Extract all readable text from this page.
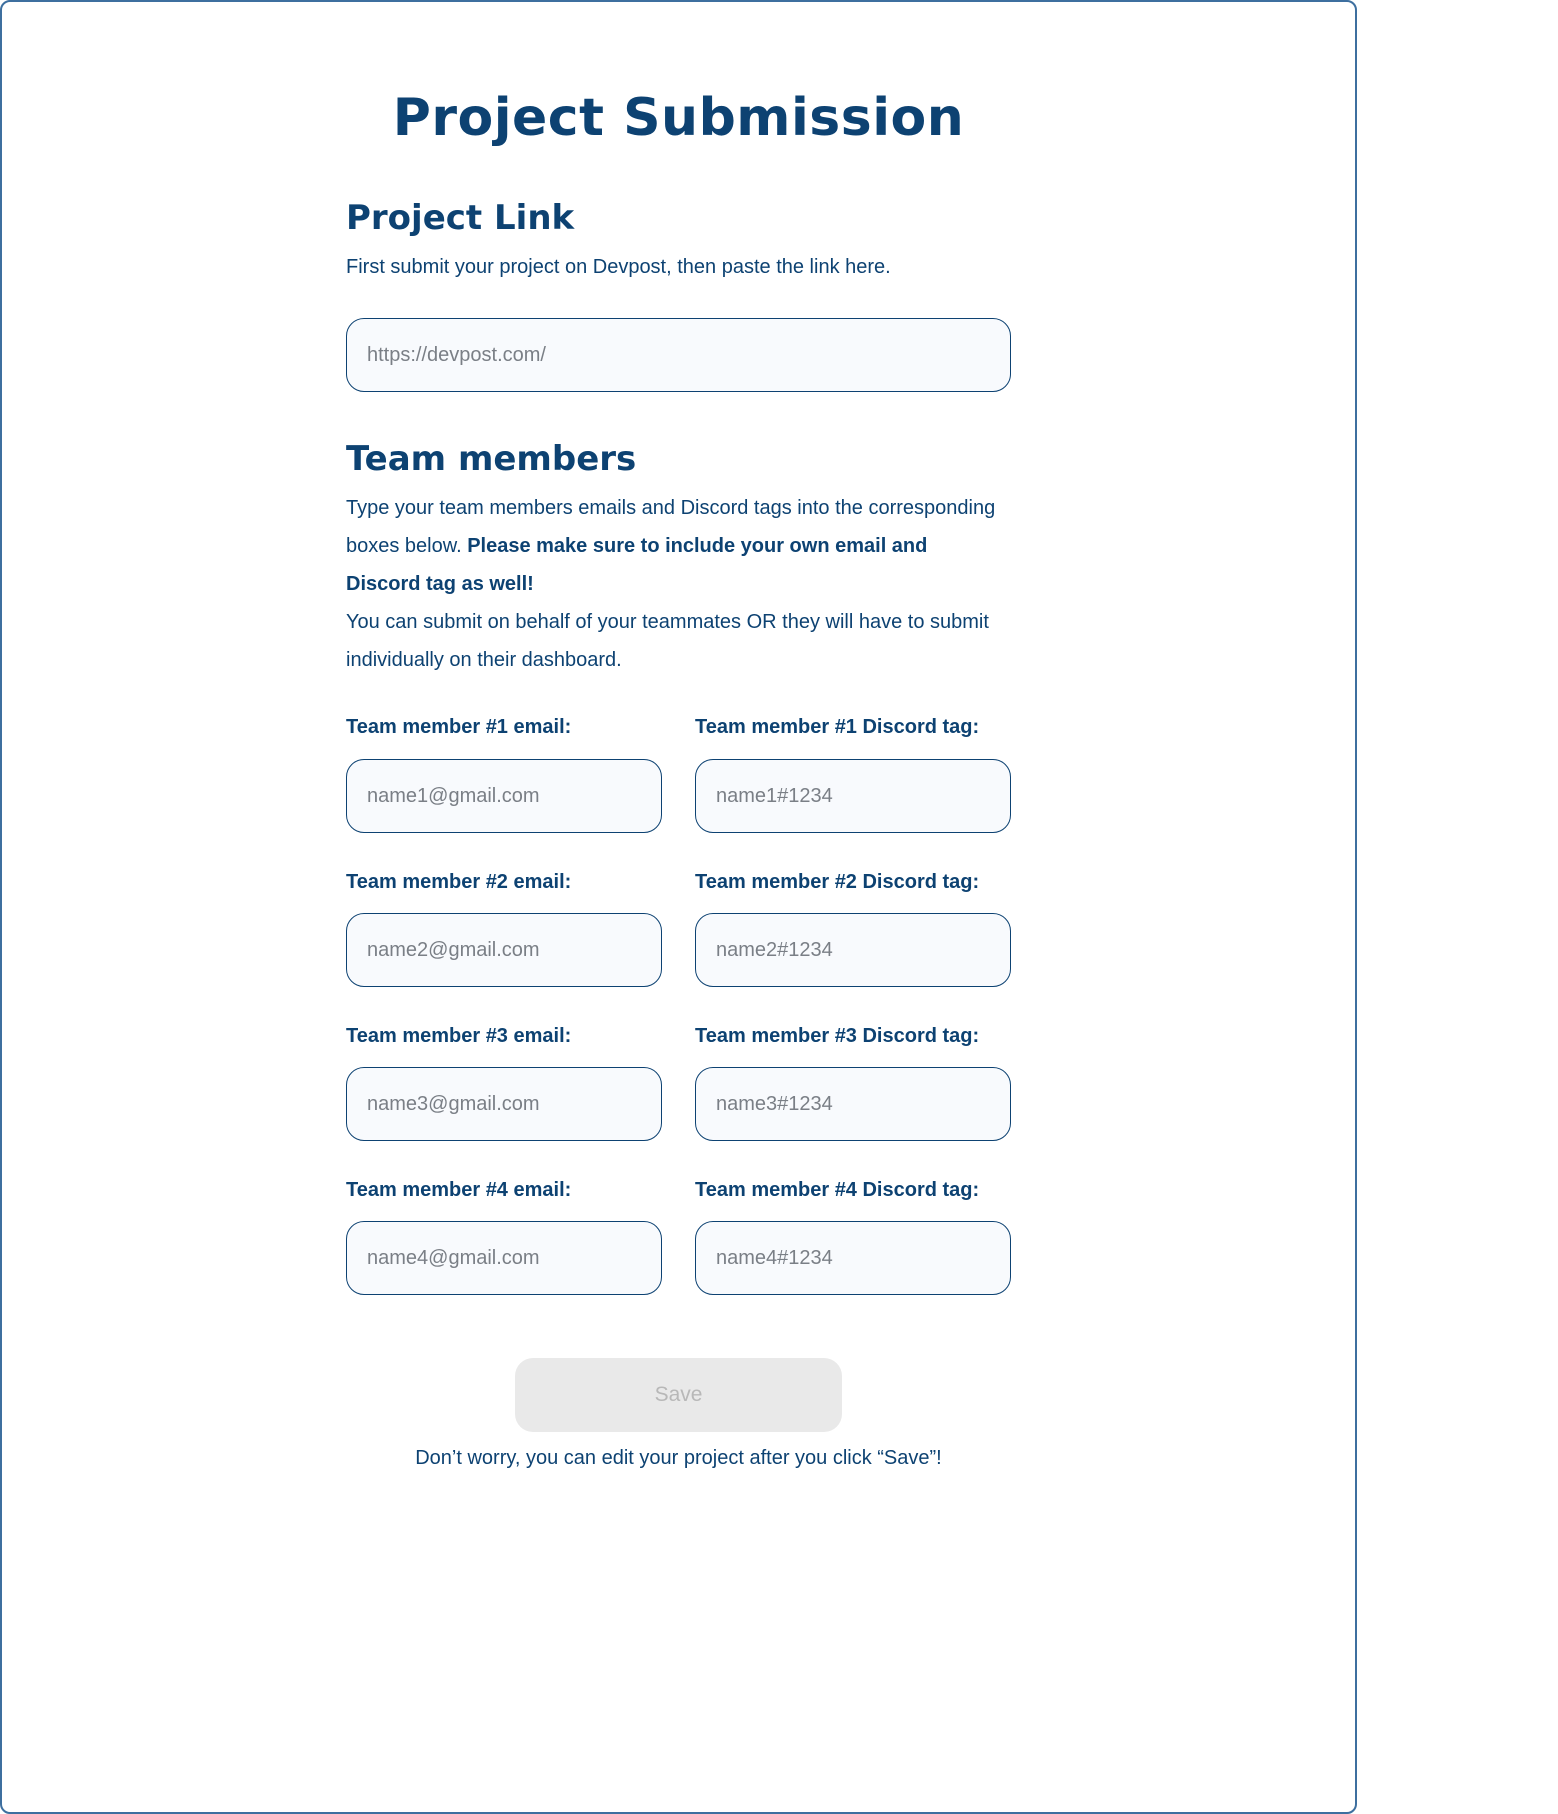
Project Submission
Project Link

First submit your project on Devpost, then paste the link here.

https://devpost.com/
Team members

Type your team members emails and Discord tags into the corresponding boxes below. Please make sure to include your own email and Discord tag as well!
You can submit on behalf of your teammates OR they will have to submit individually on their dashboard.

Team member #1 email:	Team member #1 Discord tag:
name1@gmail.com
name1#1234
Team member #2 email:	Team member #2 Discord tag:
name2@gmail.com
name2#1234
Team member #3 email:	Team member #3 Discord tag:
name3@gmail.com
name3#1234
Team member #4 email:	Team member #4 Discord tag:
name4@gmail.com
name4#1234
Save
Don’t worry, you can edit your project after you click “Save”!
